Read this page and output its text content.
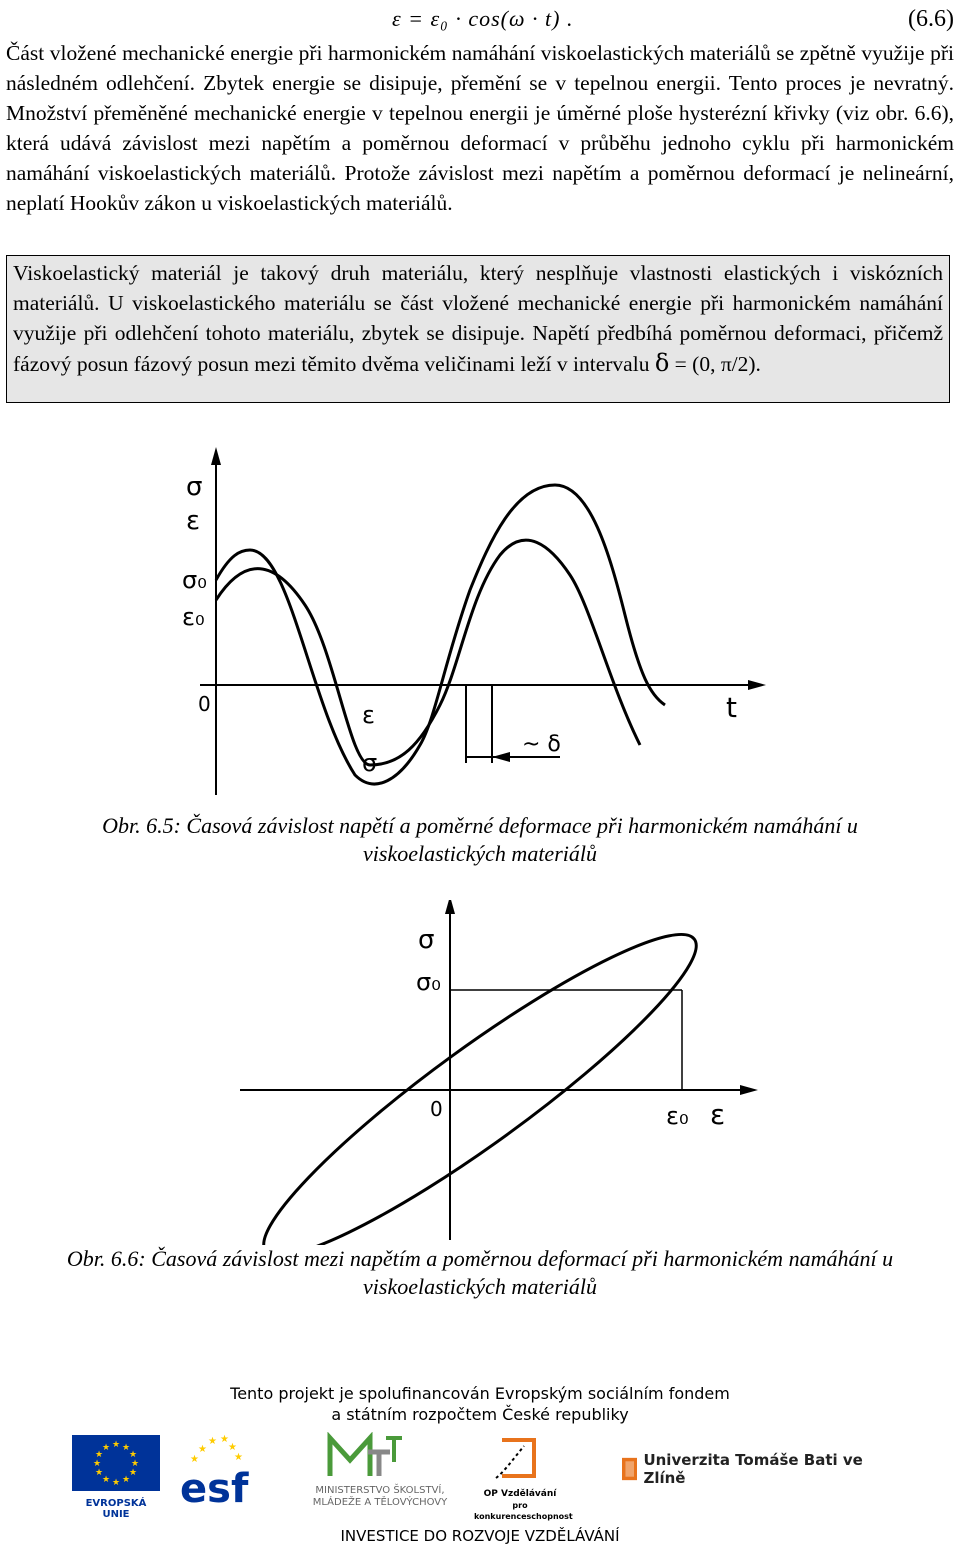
ε = ε₀ · cos(ω · t) .	(6.6)

Část vložené mechanické energie při harmonickém namáhání viskoelastických materiálů se zpětně využije při následném odlehčení. Zbytek energie se disipuje, přemění se v tepelnou energii. Tento proces je nevratný. Množství přeměněné mechanické energie v tepelnou energii je úměrné ploše hysterézní křivky (viz obr. 6.6), která udává závislost mezi napětím a poměrnou deformací v průběhu jednoho cyklu při harmonickém namáhání viskoelastických materiálů. Protože závislost mezi napětím a poměrnou deformací je nelineární, neplatí Hookův zákon u viskoelastických materiálů.

Viskoelastický materiál je takový druh materiálu, který nesplňuje vlastnosti elastických i viskózních materiálů. U viskoelastického materiálu se část vložené mechanické energie při harmonickém namáhání využije při odlehčení tohoto materiálu, zbytek se disipuje. Napětí předbíhá poměrnou deformaci, přičemž fázový posun fázový posun mezi těmito dvěma veličinami leží v intervalu δ = (0, π/2).

σ
ε
σ₀
ε₀
0	t
ε
σ
~ δ
Obr. 6.5: Časová závislost napětí a poměrné deformace při harmonickém namáhání u viskoelastických materiálů
σ
σ₀
0	ε₀ ε
Obr. 6.6: Časová závislost mezi napětím a poměrnou deformací při harmonickém namáhání u viskoelastických materiálů
Tento projekt je spolufinancován Evropským sociálním fondem
a státním rozpočtem České republiky
★ ★
★
★
★
★
★
★
★
★
★
★
EVROPSKÁ UNIE
★ ★
★ ★
★	★
esf	MINISTERSTVO ŠKOLSTVÍ,
MLÁDEŽE A TĚLOVÝCHOVY
OP Vzdělávání
pro konkurenceschopnost
Univerzita Tomáše Bati ve Zlíně
INVESTICE DO ROZVOJE VZDĚLÁVÁNÍ
